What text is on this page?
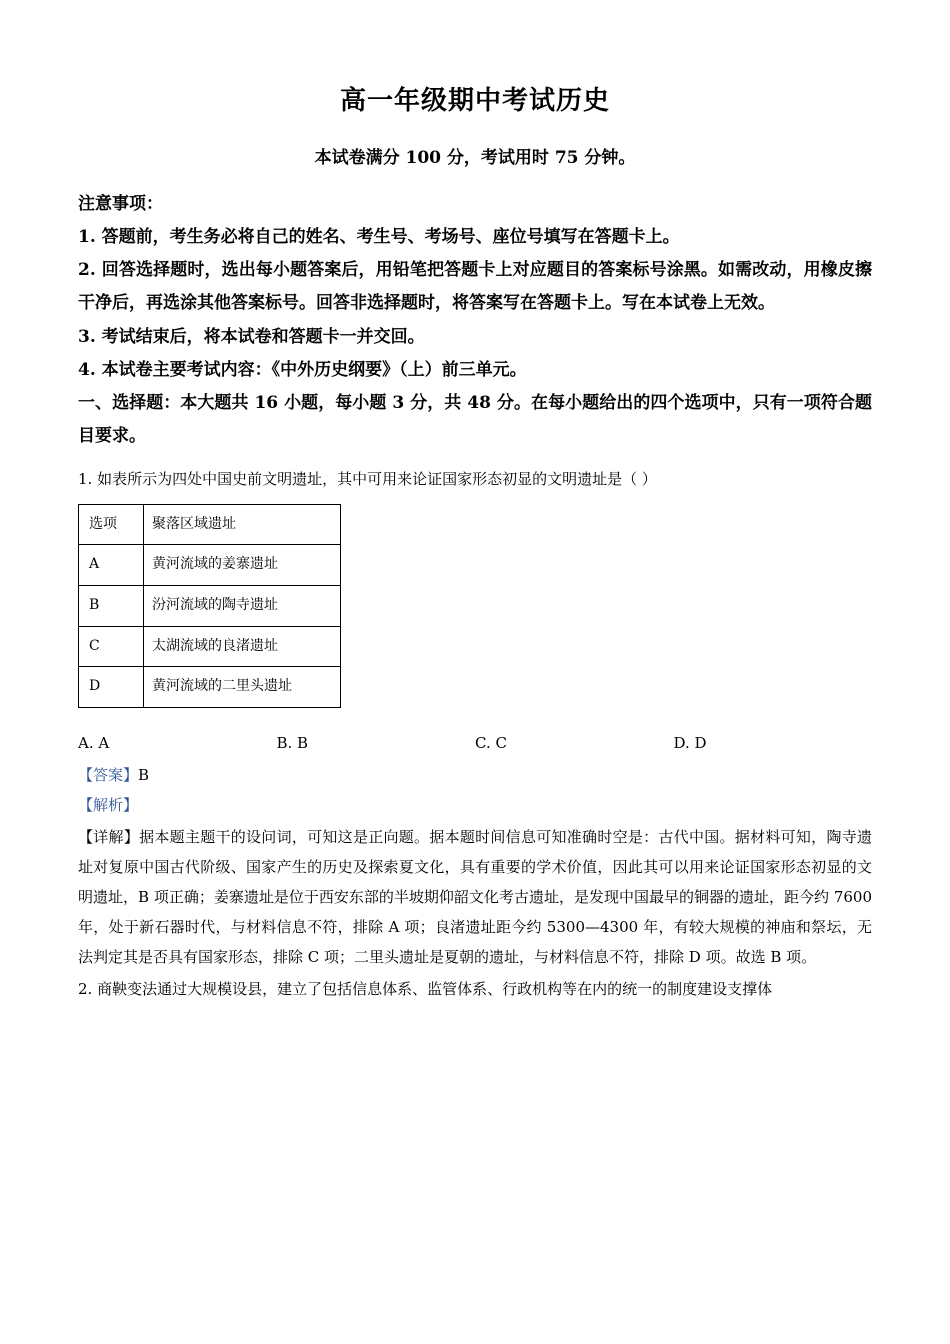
高一年级期中考试历史

本试卷满分 100 分，考试用时 75 分钟。

注意事项：

1. 答题前，考生务必将自己的姓名、考生号、考场号、座位号填写在答题卡上。

2. 回答选择题时，选出每小题答案后，用铅笔把答题卡上对应题目的答案标号涂黑。如需改动，用橡皮擦干净后，再选涂其他答案标号。回答非选择题时，将答案写在答题卡上。写在本试卷上无效。

3. 考试结束后，将本试卷和答题卡一并交回。

4. 本试卷主要考试内容：《中外历史纲要》（上）前三单元。

一、选择题：本大题共 16 小题，每小题 3 分，共 48 分。在每小题给出的四个选项中，只有一项符合题目要求。

1. 如表所示为四处中国史前文明遗址，其中可用来论证国家形态初显的文明遗址是（ ）

选项	聚落区域遗址
A	黄河流域的姜寨遗址
B	汾河流域的陶寺遗址
C	太湖流域的良渚遗址
D	黄河流域的二里头遗址
A. A	B. B	C. C	D. D

【答案】B

【解析】

【详解】据本题主题干的设问词，可知这是正向题。据本题时间信息可知准确时空是：古代中国。据材料可知，陶寺遗址对复原中国古代阶级、国家产生的历史及探索夏文化，具有重要的学术价值，因此其可以用来论证国家形态初显的文明遗址，B 项正确；姜寨遗址是位于西安东部的半坡期仰韶文化考古遗址，是发现中国最早的铜器的遗址，距今约 7600 年，处于新石器时代，与材料信息不符，排除 A 项；良渚遗址距今约 5300—4300 年，有较大规模的神庙和祭坛，无法判定其是否具有国家形态，排除 C 项；二里头遗址是夏朝的遗址，与材料信息不符，排除 D 项。故选 B 项。

2. 商鞅变法通过大规模设县，建立了包括信息体系、监管体系、行政机构等在内的统一的制度建设支撑体
